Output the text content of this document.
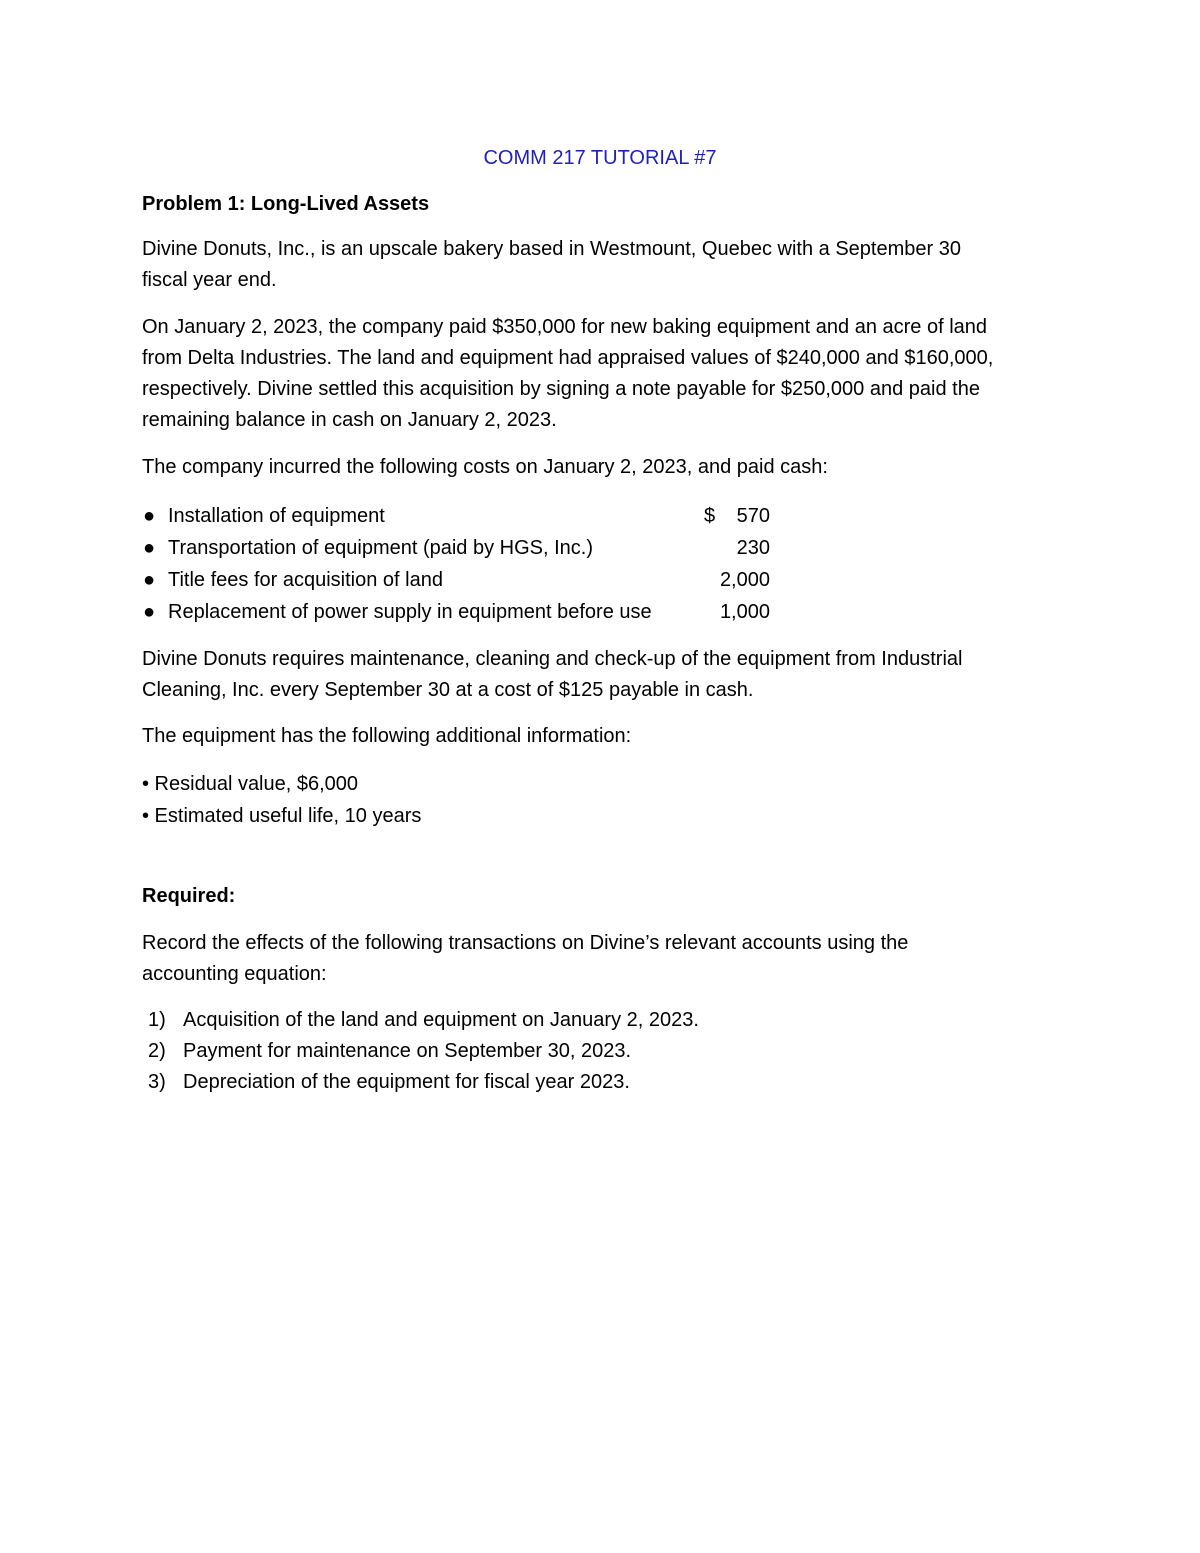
COMM 217 TUTORIAL #7
Problem 1: Long-Lived Assets

Divine Donuts, Inc., is an upscale bakery based in Westmount, Quebec with a September 30
fiscal year end.

On January 2, 2023, the company paid $350,000 for new baking equipment and an acre of land
from Delta Industries. The land and equipment had appraised values of $240,000 and $160,000,
respectively. Divine settled this acquisition by signing a note payable for $250,000 and paid the
remaining balance in cash on January 2, 2023.

The company incurred the following costs on January 2, 2023, and paid cash:

● Installation of equipment	$	570
● Transportation of equipment (paid by HGS, Inc.)	230
● Title fees for acquisition of land	2,000
● Replacement of power supply in equipment before use	1,000

Divine Donuts requires maintenance, cleaning and check-up of the equipment from Industrial
Cleaning, Inc. every September 30 at a cost of $125 payable in cash.

The equipment has the following additional information:

• Residual value, $6,000
• Estimated useful life, 10 years
Required:

Record the effects of the following transactions on Divine’s relevant accounts using the
accounting equation:

1) Acquisition of the land and equipment on January 2, 2023.
2) Payment for maintenance on September 30, 2023.
3) Depreciation of the equipment for fiscal year 2023.
